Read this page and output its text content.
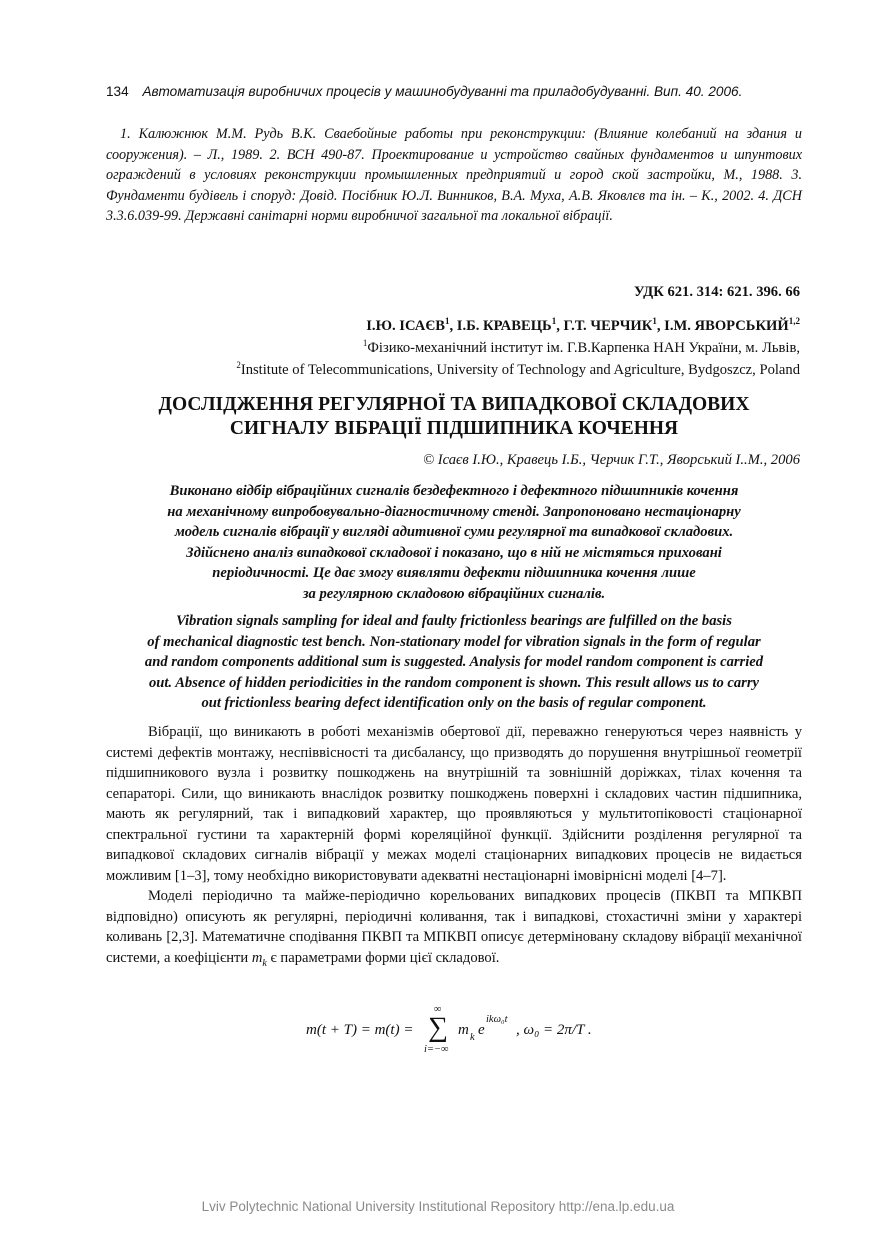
134 Автоматизація виробничих процесів у машинобудуванні та приладобудуванні. Вип. 40. 2006.
1. Калюжнюк М.М. Рудь В.К. Сваебойные работы при реконструкции: (Влияние колебаний на здания и сооружения). – Л., 1989. 2. ВСН 490-87. Проектирование и устройство свайных фундаментов и шпунтових ограждений в условиях реконструкции промышленных предприятий и город ской застройки, М., 1988. 3. Фундаменти будівель і споруд: Довід. Посібник Ю.Л. Винников, В.А. Муха, А.В. Яковлєв та ін. – К., 2002. 4. ДСН 3.3.6.039-99. Державні санітарні норми виробничої загальної та локальної вібрації.
УДК 621. 314: 621. 396. 66
І.Ю. ІСАЄВ$^1$, І.Б. КРАВЕЦЬ$^1$, Г.Т. ЧЕРЧИК$^1$, І.М. ЯВОРСЬКИЙ$^{1,2}$
$^1$Фізико-механічний інститут ім. Г.В.Карпенка НАН України, м. Львів,
$^2$Institute of Telecommunications, University of Technology and Agriculture, Bydgoszcz, Poland
ДОСЛІДЖЕННЯ РЕГУЛЯРНОЇ ТА ВИПАДКОВОЇ СКЛАДОВИХ
СИГНАЛУ ВІБРАЦІЇ ПІДШИПНИКА КОЧЕННЯ
© Ісаєв І.Ю., Кравець І.Б., Черчик Г.Т., Яворський І..М., 2006
Виконано відбір вібраційних сигналів бездефектного і дефектного підшипників кочення
на механічному випробовувально-діагностичному стенді. Запропоновано нестаціонарну
модель сигналів вібрації у вигляді адитивної суми регулярної та випадкової складових.
Здійснено аналіз випадкової складової і показано, що в ній не містяться приховані
періодичності. Це дає змогу виявляти дефекти підшипника кочення лише
за регулярною складовою вібраційних сигналів.
Vibration signals sampling for ideal and faulty frictionless bearings are fulfilled on the basis
of mechanical diagnostic test bench. Non-stationary model for vibration signals in the form of regular
and random components additional sum is suggested. Analysis for model random component is carried
out. Absence of hidden periodicities in the random component is shown. This result allows us to carry
out frictionless bearing defect identification only on the basis of regular component.

Вібрації, що виникають в роботі механізмів обертової дії, переважно генеруються через наявність у системі дефектів монтажу, неспіввісності та дисбалансу, що призводять до порушення внутрішньої геометрії підшипникового вузла і розвитку пошкоджень на внутрішній та зовнішній доріжках, тілах кочення та сепараторі. Сили, що виникають внаслідок розвитку пошкоджень поверхні і складових частин підшипника, мають як регулярний, так і випадковий характер, що проявляються у мультитопіковості стаціонарної спектральної густини та характерній формі кореляційної функції. Здійснити розділення регулярної та випадкової складових сигналів вібрації у межах моделі стаціонарних випадкових процесів не видається можливим [1–3], тому необхідно використовувати адекватні нестаціонарні імовірнісні моделі [4–7].

Моделі періодично та майже-періодично корельованих випадкових процесів (ПКВП та МПКВП відповідно) описують як регулярні, періодичні коливання, так і випадкові, стохастичні зміни у характері коливань [2,3]. Математичне сподівання ПКВП та МПКВП описує детерміновану складову вібрації механічної системи, а коефіцієнти $m_k$ є параметрами форми цієї складової.

m(t + T) = m(t) =
∞
∑
i=−∞
m k e
ikω₀t
, ω₀ = 2π/T .
Lviv Polytechnic National University Institutional Repository http://ena.lp.edu.ua
